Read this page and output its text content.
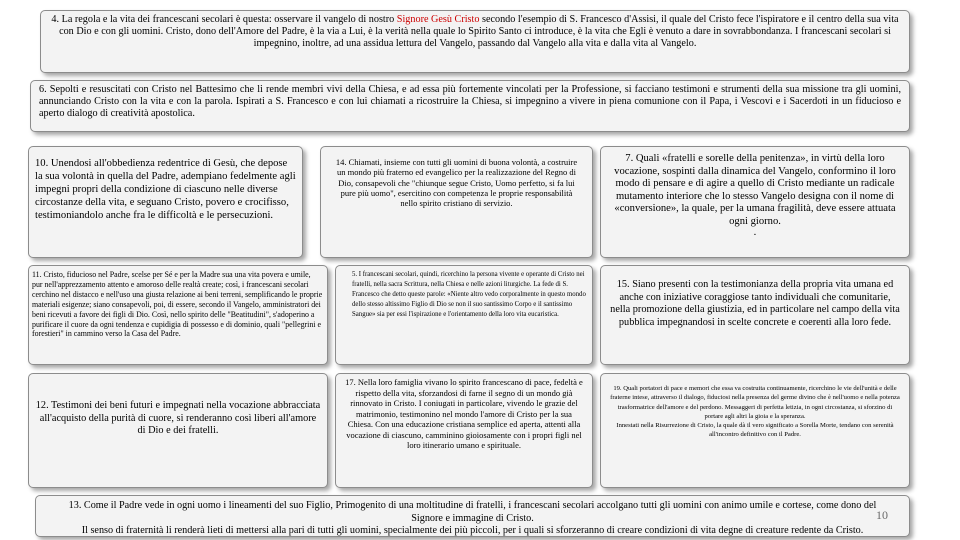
4. La regola e la vita dei francescani secolari è questa: osservare il vangelo di nostro Signore Gesù Cristo secondo l'esempio di S. Francesco d'Assisi, il quale del Cristo fece l'ispiratore e il centro della sua vita con Dio e con gli uomini. Cristo, dono dell'Amore del Padre, è la via a Lui, è la verità nella quale lo Spirito Santo ci introduce, è la vita che Egli è venuto a dare in sovrabbondanza. I francescani secolari si impegnino, inoltre, ad una assidua lettura del Vangelo, passando dal Vangelo alla vita e dalla vita al Vangelo.

6. Sepolti e resuscitati con Cristo nel Battesimo che li rende membri vivi della Chiesa, e ad essa più fortemente vincolati per la Professione, si facciano testimoni e strumenti della sua missione tra gli uomini, annunciando Cristo con la vita e con la parola. Ispirati a S. Francesco e con lui chiamati a ricostruire la Chiesa, si impegnino a vivere in piena comunione con il Papa, i Vescovi e i Sacerdoti in un fiducioso e aperto dialogo di creatività apostolica.

10. Unendosi all'obbedienza redentrice di Gesù, che depose la sua volontà in quella del Padre, adempiano fedelmente agli impegni propri della condizione di ciascuno nelle diverse circostanze della vita, e seguano Cristo, povero e crocifisso, testimoniandolo anche fra le difficoltà e le persecuzioni.

14. Chiamati, insieme con tutti gli uomini di buona volontà, a costruire un mondo più fraterno ed evangelico per la realizzazione del Regno di Dio, consapevoli che "chiunque segue Cristo, Uomo perfetto, si fa lui pure più uomo", esercitino con competenza le proprie responsabilità nello spirito cristiano di servizio.

7. Quali «fratelli e sorelle della penitenza», in virtù della loro vocazione, sospinti dalla dinamica del Vangelo, conformino il loro modo di pensare e di agire a quello di Cristo mediante un radicale mutamento interiore che lo stesso Vangelo designa con il nome di «conversione», la quale, per la umana fragilità, deve essere attuata ogni giorno.

.

11. Cristo, fiducioso nel Padre, scelse per Sé e per la Madre sua una vita povera e umile, pur nell'apprezzamento attento e amoroso delle realtà create; così, i francescani secolari cerchino nel distacco e nell'uso una giusta relazione ai beni terreni, semplificando le proprie materiali esigenze; siano consapevoli, poi, di essere, secondo il Vangelo, amministratori dei beni ricevuti a favore dei figli di Dio. Così, nello spirito delle "Beatitudini", s'adoperino a purificare il cuore da ogni tendenza e cupidigia di possesso e di dominio, quali "pellegrini e forestieri" in cammino verso la Casa del Padre.

5. I francescani secolari, quindi, ricerchino la persona vivente e operante di Cristo nei fratelli, nella sacra Scrittura, nella Chiesa e nelle azioni liturgiche. La fede di S. Francesco che detto queste parole: «Niente altro vedo corporalmente in questo mondo dello stesso altissimo Figlio di Dio se non il suo santissimo Corpo e il santissimo Sangue» sia per essi l'ispirazione e l'orientamento della loro vita eucaristica.

15. Siano presenti con la testimonianza della propria vita umana ed anche con iniziative coraggiose tanto individuali che comunitarie, nella promozione della giustizia, ed in particolare nel campo della vita pubblica impegnandosi in scelte concrete e coerenti alla loro fede.

12. Testimoni dei beni futuri e impegnati nella vocazione abbracciata all'acquisto della purità di cuore, si renderanno così liberi all'amore di Dio e dei fratelli.

17. Nella loro famiglia vivano lo spirito francescano di pace, fedeltà e rispetto della vita, sforzandosi di farne il segno di un mondo già rinnovato in Cristo. I coniugati in particolare, vivendo le grazie del matrimonio, testimonino nel mondo l'amore di Cristo per la sua Chiesa. Con una educazione cristiana semplice ed aperta, attenti alla vocazione di ciascuno, camminino gioiosamente con i propri figli nel loro itinerario umano e spirituale.

19. Quali portatori di pace e memori che essa va costruita continuamente, ricerchino le vie dell'unità e delle fraterne intese, attraverso il dialogo, fiduciosi nella presenza del germe divino che è nell'uomo e nella potenza trasformatrice dell'amore e del perdono. Messaggeri di perfetta letizia, in ogni circostanza, si sforzino di portare agli altri la gioia e la speranza.

Innestati nella Risurrezione di Cristo, la quale dà il vero significato a Sorella Morte, tendano con serenità all'incontro definitivo con il Padre.

13. Come il Padre vede in ogni uomo i lineamenti del suo Figlio, Primogenito di una moltitudine di fratelli, i francescani secolari accolgano tutti gli uomini con animo umile e cortese, come dono del Signore e immagine di Cristo.

Il senso di fraternità li renderà lieti di mettersi alla pari di tutti gli uomini, specialmente dei più piccoli, per i quali si sforzeranno di creare condizioni di vita degne di creature redente da Cristo.

10
